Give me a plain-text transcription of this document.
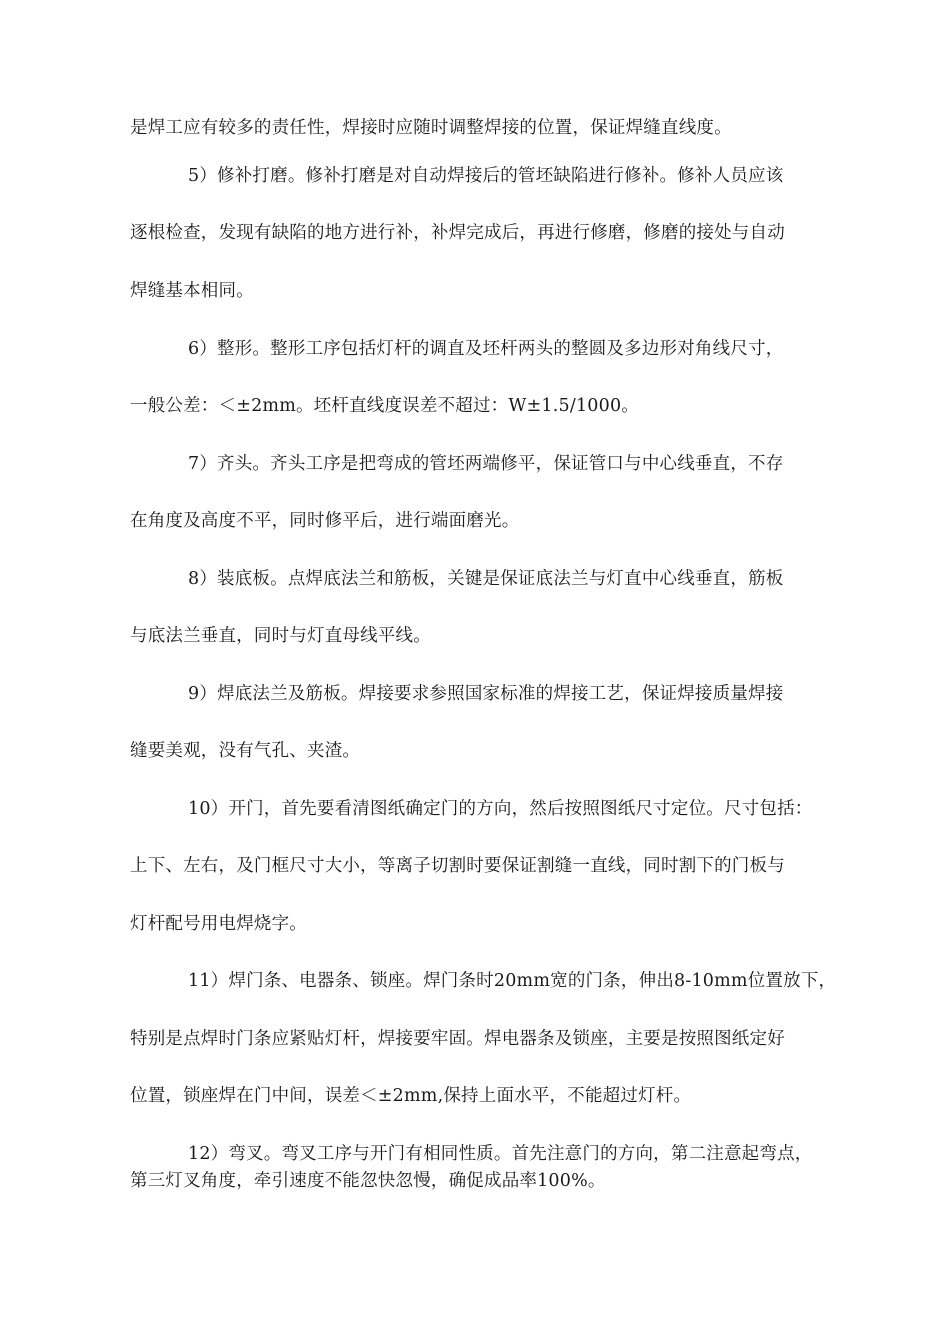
是焊工应有较多的责任性，焊接时应随时调整焊接的位置，保证焊缝直线度。
5）修补打磨。修补打磨是对自动焊接后的管坯缺陷进行修补。修补人员应该
逐根检查，发现有缺陷的地方进行补，补焊完成后，再进行修磨，修磨的接处与自动
焊缝基本相同。
6）整形。整形工序包括灯杆的调直及坯杆两头的整圆及多边形对角线尺寸，
一般公差：＜±2mm。坯杆直线度误差不超过：W±1.5/1000。
7）齐头。齐头工序是把弯成的管坯两端修平，保证管口与中心线垂直，不存
在角度及高度不平，同时修平后，进行端面磨光。
8）装底板。点焊底法兰和筋板，关键是保证底法兰与灯直中心线垂直，筋板
与底法兰垂直，同时与灯直母线平线。
9）焊底法兰及筋板。焊接要求参照国家标准的焊接工艺，保证焊接质量焊接
缝要美观，没有气孔、夹渣。
10）开门，首先要看清图纸确定门的方向，然后按照图纸尺寸定位。尺寸包括：
上下、左右，及门框尺寸大小，等离子切割时要保证割缝一直线，同时割下的门板与
灯杆配号用电焊烧字。
11）焊门条、电器条、锁座。焊门条时20mm宽的门条，伸出8-10mm位置放下，
特别是点焊时门条应紧贴灯杆，焊接要牢固。焊电器条及锁座，主要是按照图纸定好
位置，锁座焊在门中间，误差＜±2mm,保持上面水平，不能超过灯杆。
12）弯叉。弯叉工序与开门有相同性质。首先注意门的方向，第二注意起弯点，
第三灯叉角度，牵引速度不能忽快忽慢，确促成品率100%。
